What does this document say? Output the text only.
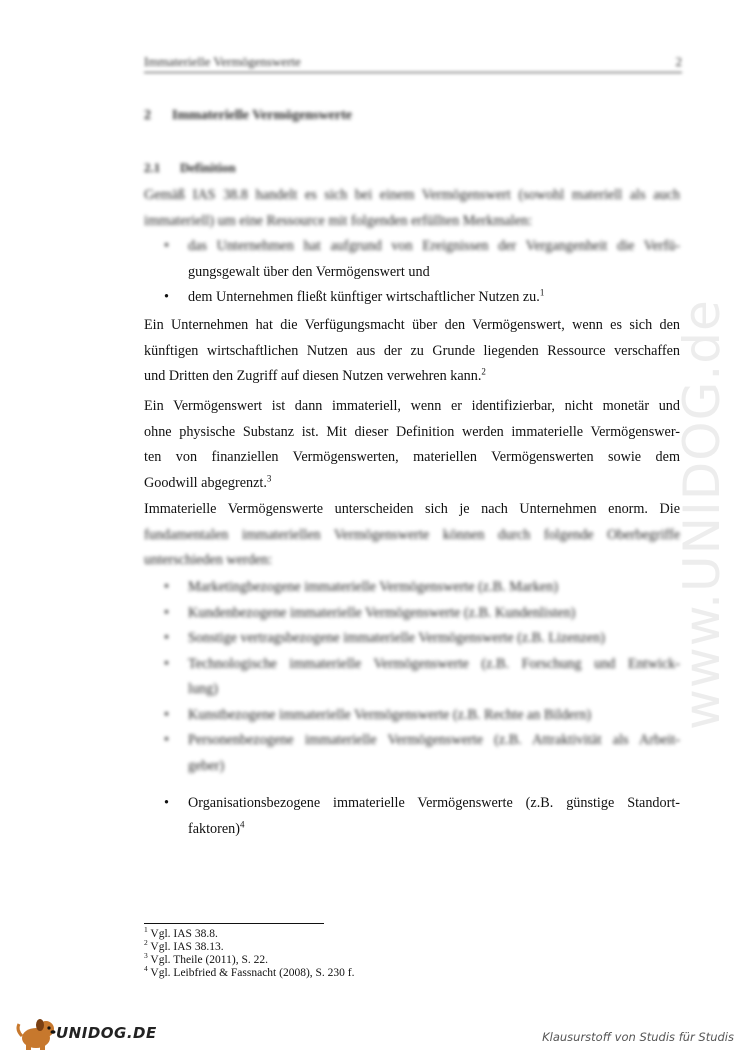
Immaterielle Vermögenswerte	2
2 Immaterielle Vermögenswerte
2.1 Definition
Gemäß IAS 38.8 handelt es sich bei einem Vermögenswert (sowohl materiell als auch
immateriell) um eine Ressource mit folgenden erfüllten Merkmalen:
• das Unternehmen hat aufgrund von Ereignissen der Vergangenheit die Verfü-
gungsgewalt über den Vermögenswert und
• dem Unternehmen fließt künftiger wirtschaftlicher Nutzen zu.$^1$
Ein Unternehmen hat die Verfügungsmacht über den Vermögenswert, wenn es sich den
künftigen wirtschaftlichen Nutzen aus der zu Grunde liegenden Ressource verschaffen
und Dritten den Zugriff auf diesen Nutzen verwehren kann.$^2$
Ein Vermögenswert ist dann immateriell, wenn er identifizierbar, nicht monetär und
ohne physische Substanz ist. Mit dieser Definition werden immaterielle Vermögenswer-
ten von finanziellen Vermögenswerten, materiellen Vermögenswerten sowie dem
Goodwill abgegrenzt.$^3$
Immaterielle Vermögenswerte unterscheiden sich je nach Unternehmen enorm. Die
fundamentalen immateriellen Vermögenswerte können durch folgende Oberbegriffe
unterschieden werden:
• Marketingbezogene immaterielle Vermögenswerte (z.B. Marken)
• Kundenbezogene immaterielle Vermögenswerte (z.B. Kundenlisten)
• Sonstige vertragsbezogene immaterielle Vermögenswerte (z.B. Lizenzen)
• Technologische immaterielle Vermögenswerte (z.B. Forschung und Entwick-
lung)
• Kunstbezogene immaterielle Vermögenswerte (z.B. Rechte an Bildern)
• Personenbezogene immaterielle Vermögenswerte (z.B. Attraktivität als Arbeit-
geber)
• Organisationsbezogene immaterielle Vermögenswerte (z.B. günstige Standort-
faktoren)$^4$
www.UNIDOG.de
$^1$ Vgl. IAS 38.8.
$^2$ Vgl. IAS 38.13.
$^3$ Vgl. Theile (2011), S. 22.
$^4$ Vgl. Leibfried & Fassnacht (2008), S. 230 f.
UNIDOG.DE	Klausurstoff von Studis für Studis
